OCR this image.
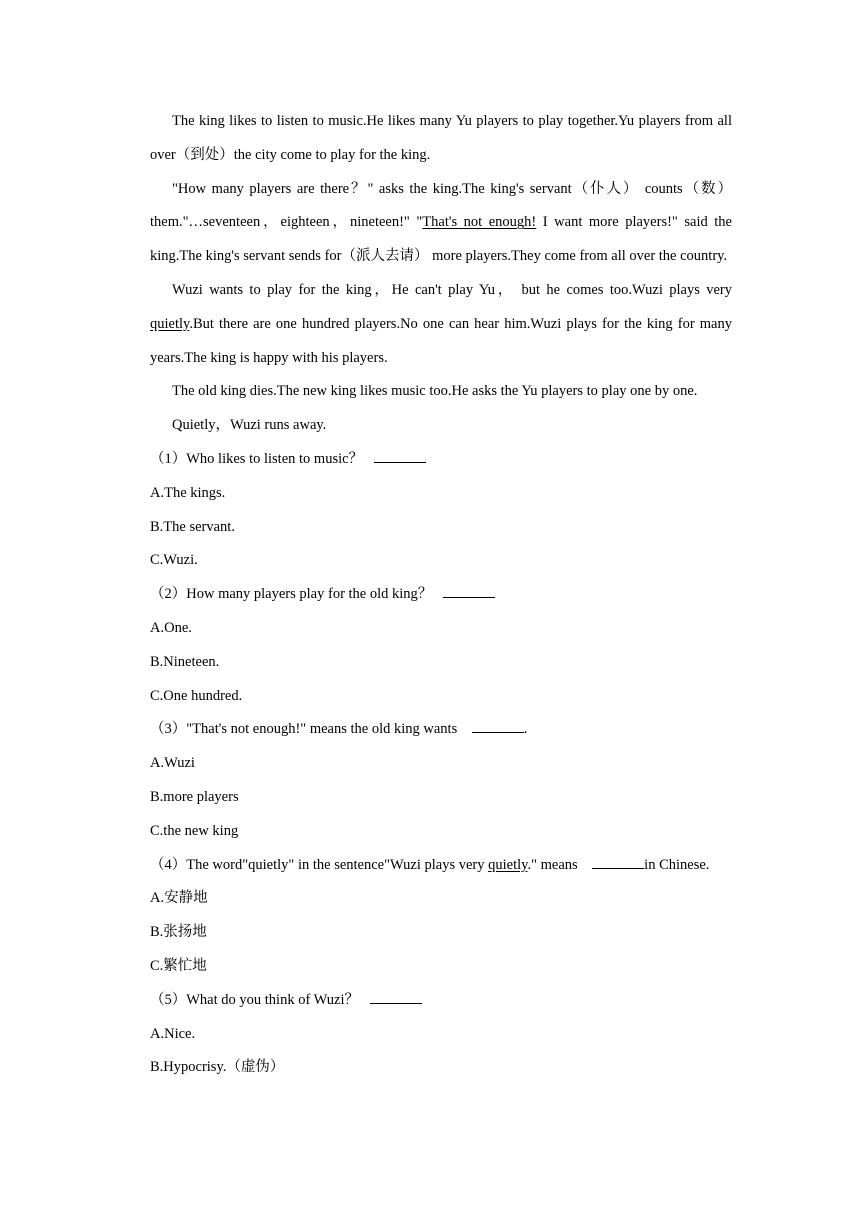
The king likes to listen to music.He likes many Yu players to play together.Yu players from all over（到处）the city come to play for the king.

"How many players are there？" asks the king.The king's servant（仆人） counts（数） them."…seventeen，eighteen，nineteen!" "That's not enough! I want more players!" said the king.The king's servant sends for（派人去请） more players.They come from all over the country.

Wuzi wants to play for the king，He can't play Yu， but he comes too.Wuzi plays very quietly.But there are one hundred players.No one can hear him.Wuzi plays for the king for many years.The king is happy with his players.

The old king dies.The new king likes music too.He asks the Yu players to play one by one.

Quietly，Wuzi runs away.

（1）Who likes to listen to music？

A.The kings.

B.The servant.

C.Wuzi.

（2）How many players play for the old king？

A.One.

B.Nineteen.

C.One hundred.

（3）"That's not enough!" means the old king wants	.

A.Wuzi

B.more players

C.the new king

（4）The word"quietly" in the sentence"Wuzi plays very quietly." means	in Chinese.

A.安静地

B.张扬地

C.繁忙地

（5）What do you think of Wuzi？

A.Nice.

B.Hypocrisy.（虚伪）
